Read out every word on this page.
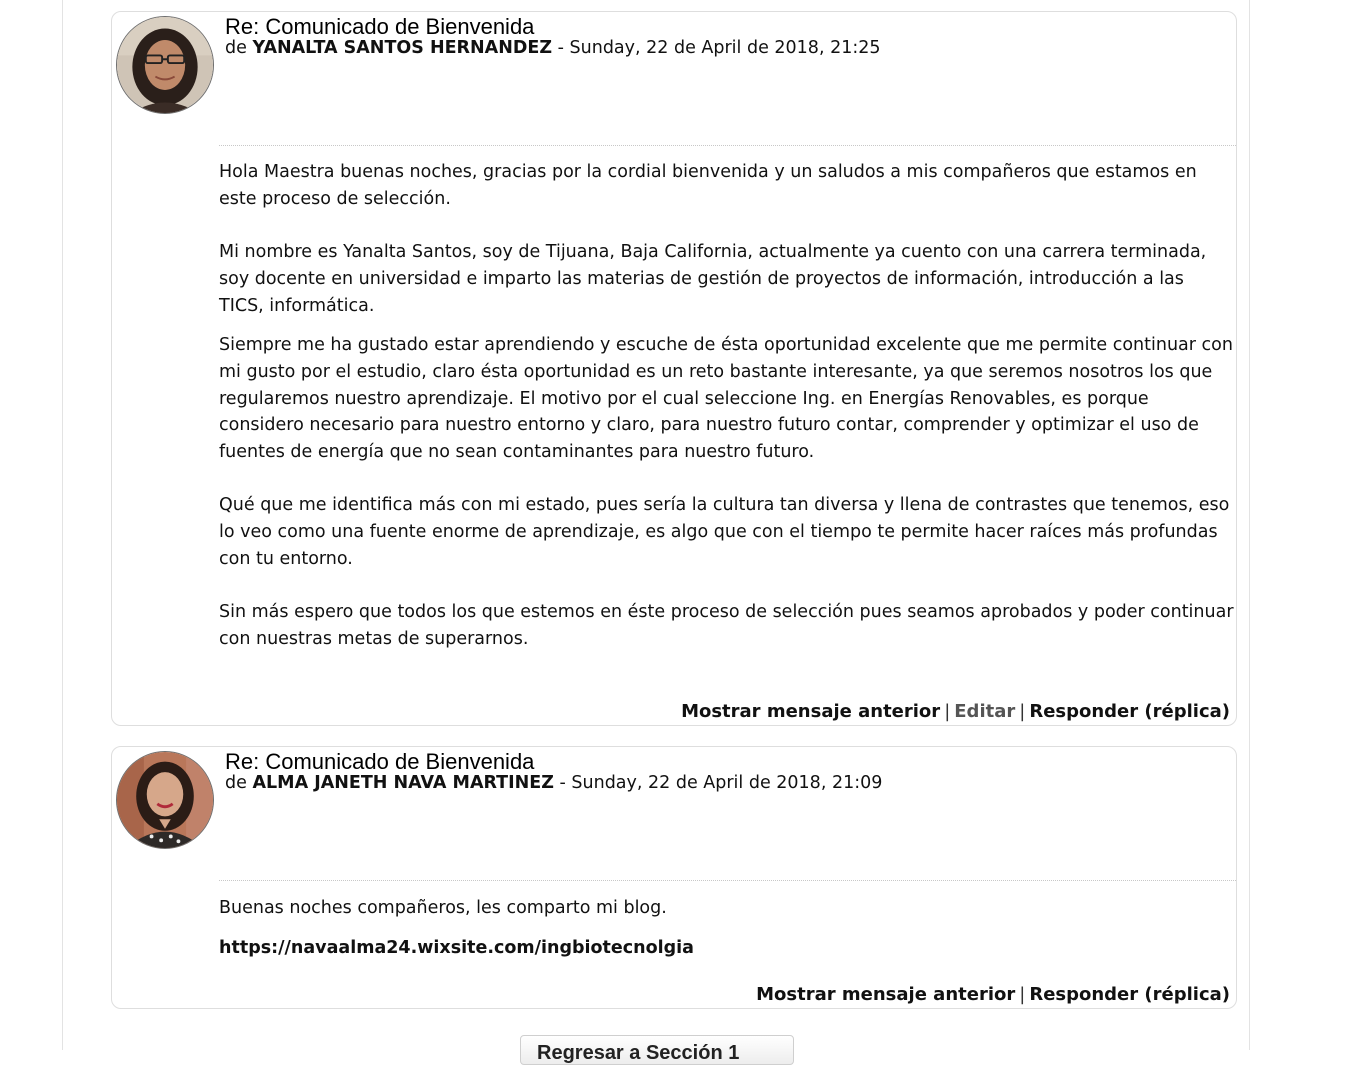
Re: Comunicado de Bienvenida
de YANALTA SANTOS HERNANDEZ - Sunday, 22 de April de 2018, 21:25

Hola Maestra buenas noches, gracias por la cordial bienvenida y un saludos a mis compañeros que estamos en este proceso de selección.

Mi nombre es Yanalta Santos, soy de Tijuana, Baja California, actualmente ya cuento con una carrera terminada, soy docente en universidad e imparto las materias de gestión de proyectos de información, introducción a las TICS, informática.

Siempre me ha gustado estar aprendiendo y escuche de ésta oportunidad excelente que me permite continuar con mi gusto por el estudio, claro ésta oportunidad es un reto bastante interesante, ya que seremos nosotros los que regularemos nuestro aprendizaje. El motivo por el cual seleccione Ing. en Energías Renovables, es porque considero necesario para nuestro entorno y claro, para nuestro futuro contar, comprender y optimizar el uso de fuentes de energía que no sean contaminantes para nuestro futuro.

Qué que me identifica más con mi estado, pues sería la cultura tan diversa y llena de contrastes que tenemos, eso lo veo como una fuente enorme de aprendizaje, es algo que con el tiempo te permite hacer raíces más profundas con tu entorno.

Sin más espero que todos los que estemos en éste proceso de selección pues seamos aprobados y poder continuar con nuestras metas de superarnos.

Mostrar mensaje anterior | Editar | Responder (réplica)
Re: Comunicado de Bienvenida
de ALMA JANETH NAVA MARTINEZ - Sunday, 22 de April de 2018, 21:09

Buenas noches compañeros, les comparto mi blog.

https://navaalma24.wixsite.com/ingbiotecnolgia

Mostrar mensaje anterior | Responder (réplica)
Regresar a Sección 1
